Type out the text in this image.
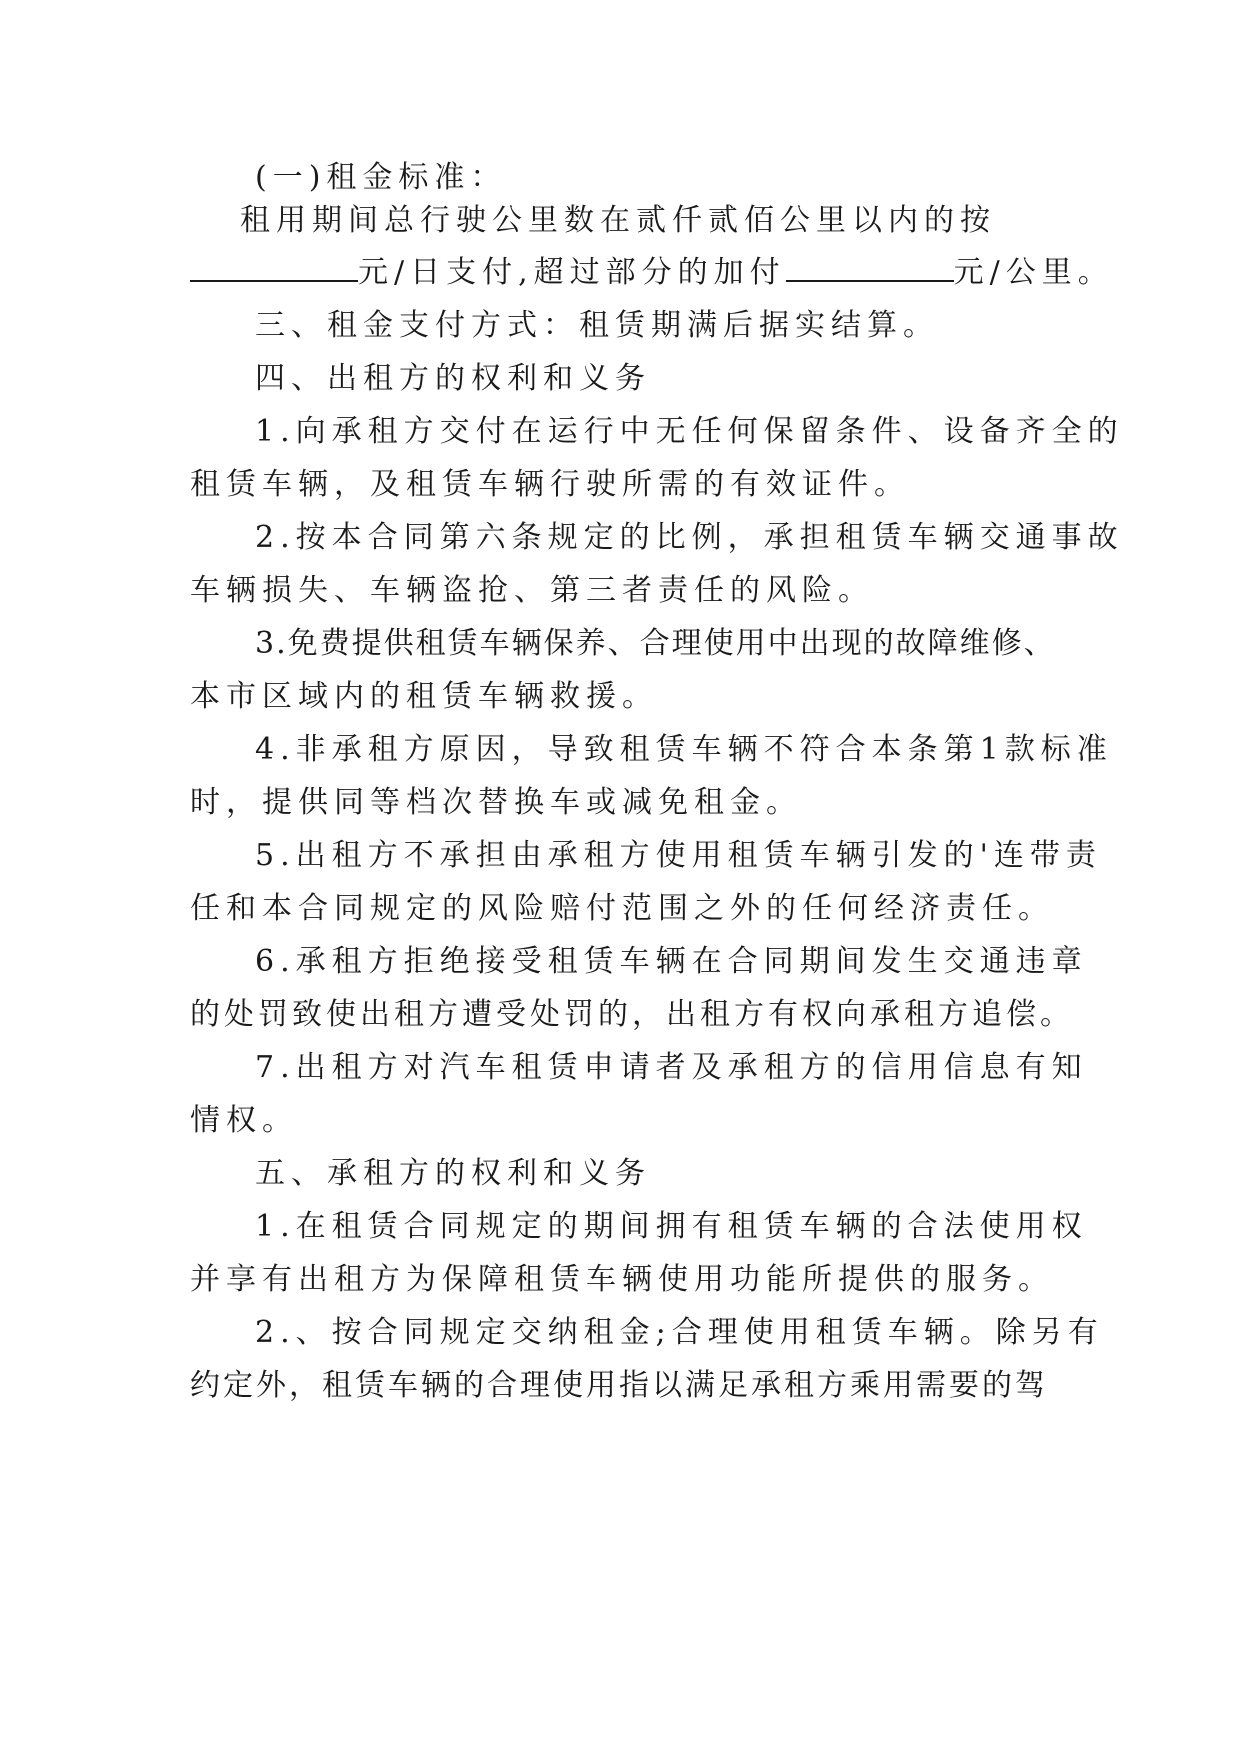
(一)租金标准：
租用期间总行驶公里数在贰仟贰佰公里以内的按
元/日支付,超过部分的加付	元/公里。
三、租金支付方式：租赁期满后据实结算。
四、出租方的权利和义务
1.向承租方交付在运行中无任何保留条件、设备齐全的
租赁车辆，及租赁车辆行驶所需的有效证件。
2.按本合同第六条规定的比例，承担租赁车辆交通事故
车辆损失、车辆盗抢、第三者责任的风险。
3.免费提供租赁车辆保养、合理使用中出现的故障维修、
本市区域内的租赁车辆救援。
4.非承租方原因，导致租赁车辆不符合本条第1款标准
时，提供同等档次替换车或减免租金。
5.出租方不承担由承租方使用租赁车辆引发的'连带责
任和本合同规定的风险赔付范围之外的任何经济责任。
6.承租方拒绝接受租赁车辆在合同期间发生交通违章
的处罚致使出租方遭受处罚的，出租方有权向承租方追偿。
7.出租方对汽车租赁申请者及承租方的信用信息有知
情权。
五、承租方的权利和义务
1.在租赁合同规定的期间拥有租赁车辆的合法使用权
并享有出租方为保障租赁车辆使用功能所提供的服务。
2.、按合同规定交纳租金;合理使用租赁车辆。除另有
约定外，租赁车辆的合理使用指以满足承租方乘用需要的驾
